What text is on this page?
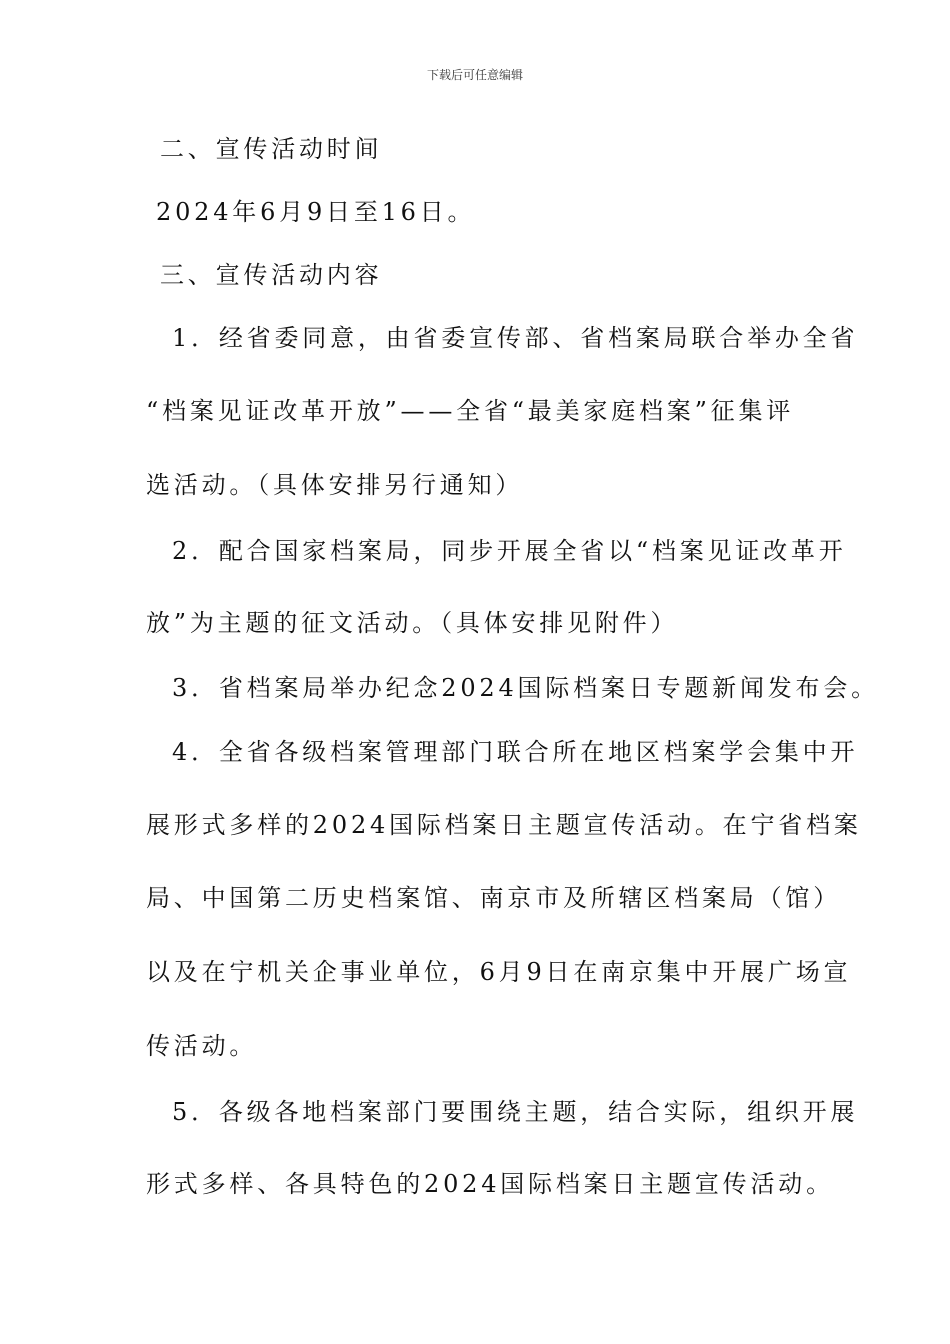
下载后可任意编辑
二、宣传活动时间
2024年6月9日至16日。
三、宣传活动内容
1．经省委同意，由省委宣传部、省档案局联合举办全省
“档案见证改革开放”——全省“最美家庭档案”征集评
选活动。（具体安排另行通知）
2．配合国家档案局，同步开展全省以“档案见证改革开
放”为主题的征文活动。（具体安排见附件）
3．省档案局举办纪念2024国际档案日专题新闻发布会。
4．全省各级档案管理部门联合所在地区档案学会集中开
展形式多样的2024国际档案日主题宣传活动。在宁省档案
局、中国第二历史档案馆、南京市及所辖区档案局（馆）
以及在宁机关企事业单位，6月9日在南京集中开展广场宣
传活动。
5．各级各地档案部门要围绕主题，结合实际，组织开展
形式多样、各具特色的2024国际档案日主题宣传活动。
